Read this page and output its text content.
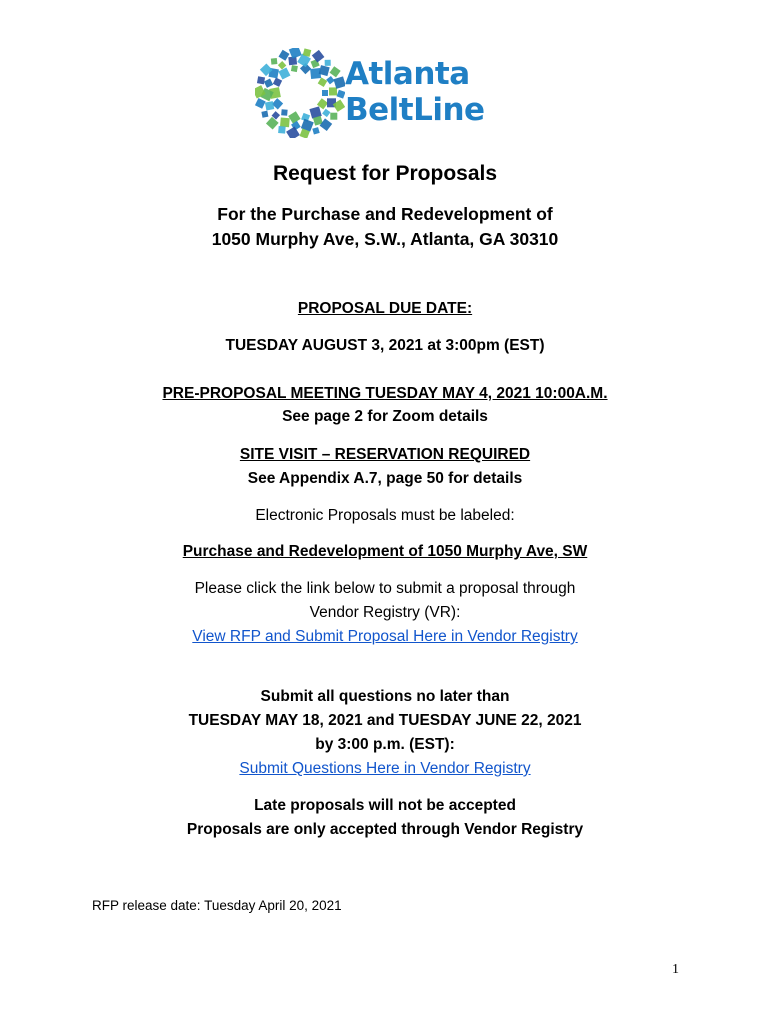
Atlanta
BeltLine
Request for Proposals
For the Purchase and Redevelopment of
1050 Murphy Ave, S.W., Atlanta, GA 30310
PROPOSAL DUE DATE:
TUESDAY AUGUST 3, 2021 at 3:00pm (EST)
PRE-PROPOSAL MEETING TUESDAY MAY 4, 2021 10:00A.M.
See page 2 for Zoom details
SITE VISIT – RESERVATION REQUIRED
See Appendix A.7, page 50 for details
Electronic Proposals must be labeled:
Purchase and Redevelopment of 1050 Murphy Ave, SW
Please click the link below to submit a proposal through
Vendor Registry (VR):
View RFP and Submit Proposal Here in Vendor Registry
Submit all questions no later than
TUESDAY MAY 18, 2021 and TUESDAY JUNE 22, 2021
by 3:00 p.m. (EST):
Submit Questions Here in Vendor Registry
Late proposals will not be accepted
Proposals are only accepted through Vendor Registry
RFP release date: Tuesday April 20, 2021
1
